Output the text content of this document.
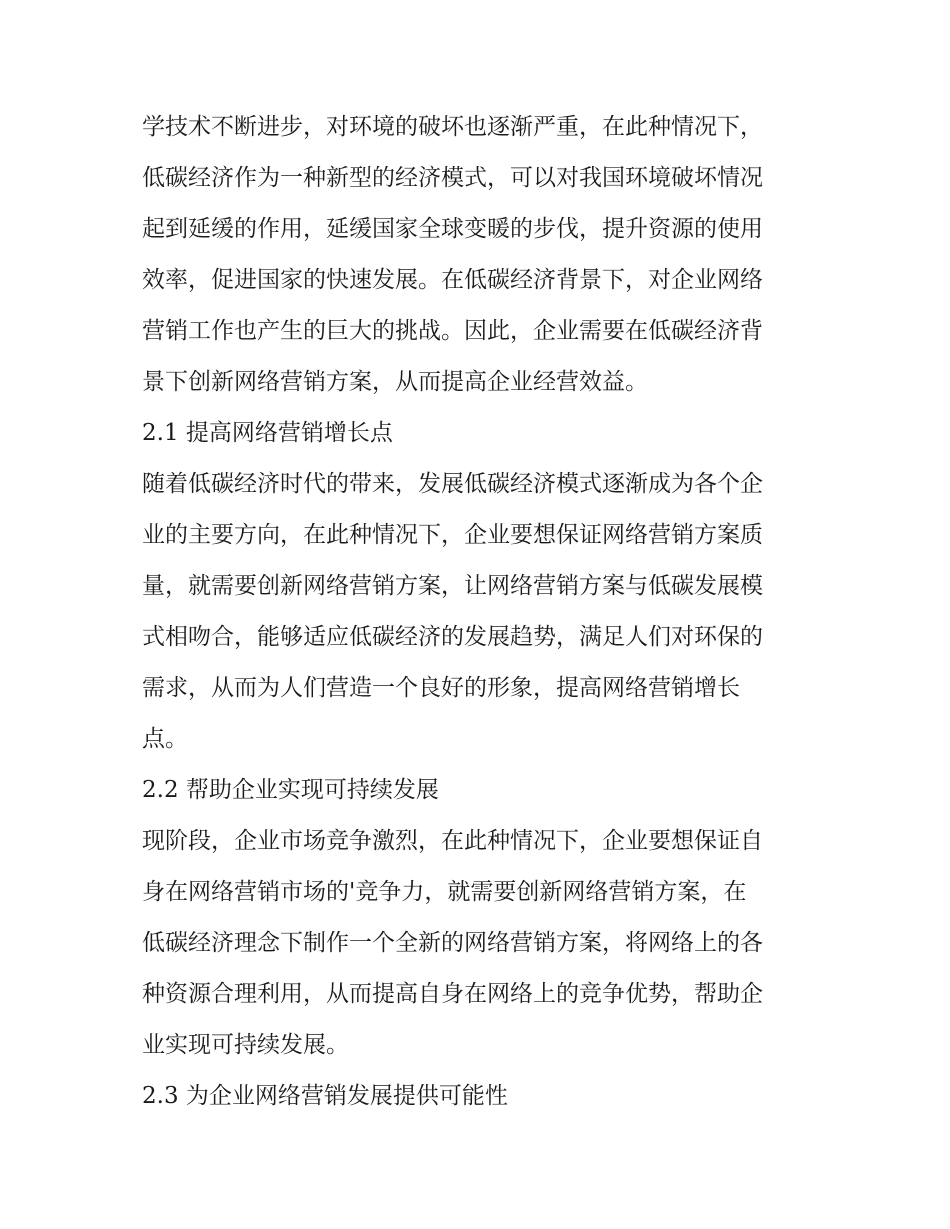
学技术不断进步，对环境的破坏也逐渐严重，在此种情况下，

低碳经济作为一种新型的经济模式，可以对我国环境破坏情况

起到延缓的作用，延缓国家全球变暖的步伐，提升资源的使用

效率，促进国家的快速发展。在低碳经济背景下，对企业网络

营销工作也产生的巨大的挑战。因此，企业需要在低碳经济背

景下创新网络营销方案，从而提高企业经营效益。

2.1 提高网络营销增长点

随着低碳经济时代的带来，发展低碳经济模式逐渐成为各个企

业的主要方向，在此种情况下，企业要想保证网络营销方案质

量，就需要创新网络营销方案，让网络营销方案与低碳发展模

式相吻合，能够适应低碳经济的发展趋势，满足人们对环保的

需求，从而为人们营造一个良好的形象，提高网络营销增长

点。

2.2 帮助企业实现可持续发展

现阶段，企业市场竞争激烈，在此种情况下，企业要想保证自

身在网络营销市场的'竞争力，就需要创新网络营销方案，在

低碳经济理念下制作一个全新的网络营销方案，将网络上的各

种资源合理利用，从而提高自身在网络上的竞争优势，帮助企

业实现可持续发展。

2.3 为企业网络营销发展提供可能性
